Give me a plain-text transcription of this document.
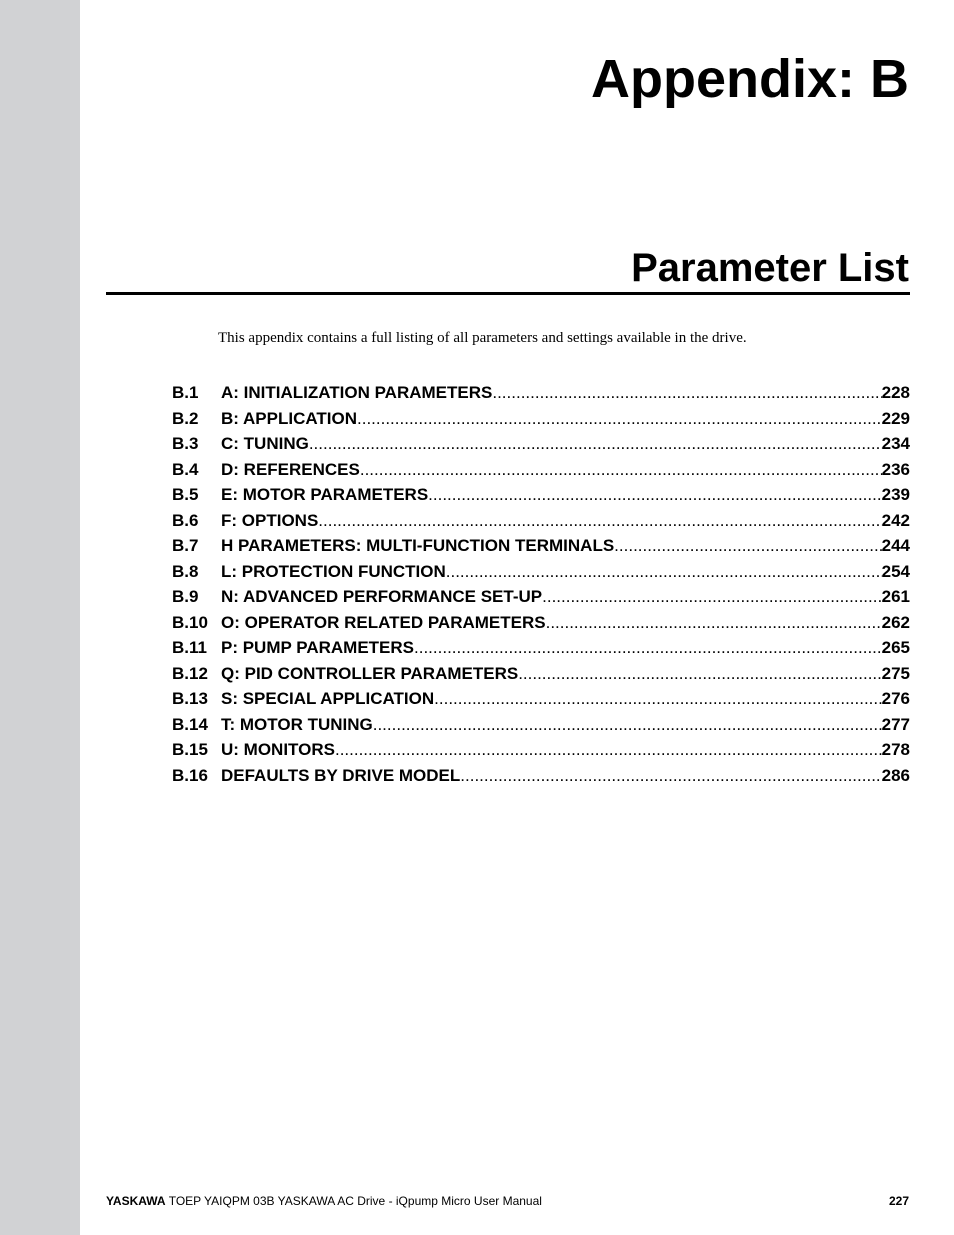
Appendix: B
Parameter List

This appendix contains a full listing of all parameters and settings available in the drive.

B.1	A: INITIALIZATION PARAMETERS .....	228
B.2	B: APPLICATION .....	229
B.3	C: TUNING .....	234
B.4	D: REFERENCES .....	236
B.5	E: MOTOR PARAMETERS .....	239
B.6	F: OPTIONS .....	242
B.7	H PARAMETERS: MULTI-FUNCTION TERMINALS .....	244
B.8	L: PROTECTION FUNCTION .....	254
B.9	N: ADVANCED PERFORMANCE SET-UP .....	261
B.10 O: OPERATOR RELATED PARAMETERS .....	262
B.11 P: PUMP PARAMETERS .....	265
B.12 Q: PID CONTROLLER PARAMETERS .....	275
B.13 S: SPECIAL APPLICATION .....	276
B.14 T: MOTOR TUNING .....	277
B.15 U: MONITORS .....	278
B.16 DEFAULTS BY DRIVE MODEL .....	286

YASKAWA TOEP YAIQPM 03B YASKAWA AC Drive - iQpump Micro User Manual	227
